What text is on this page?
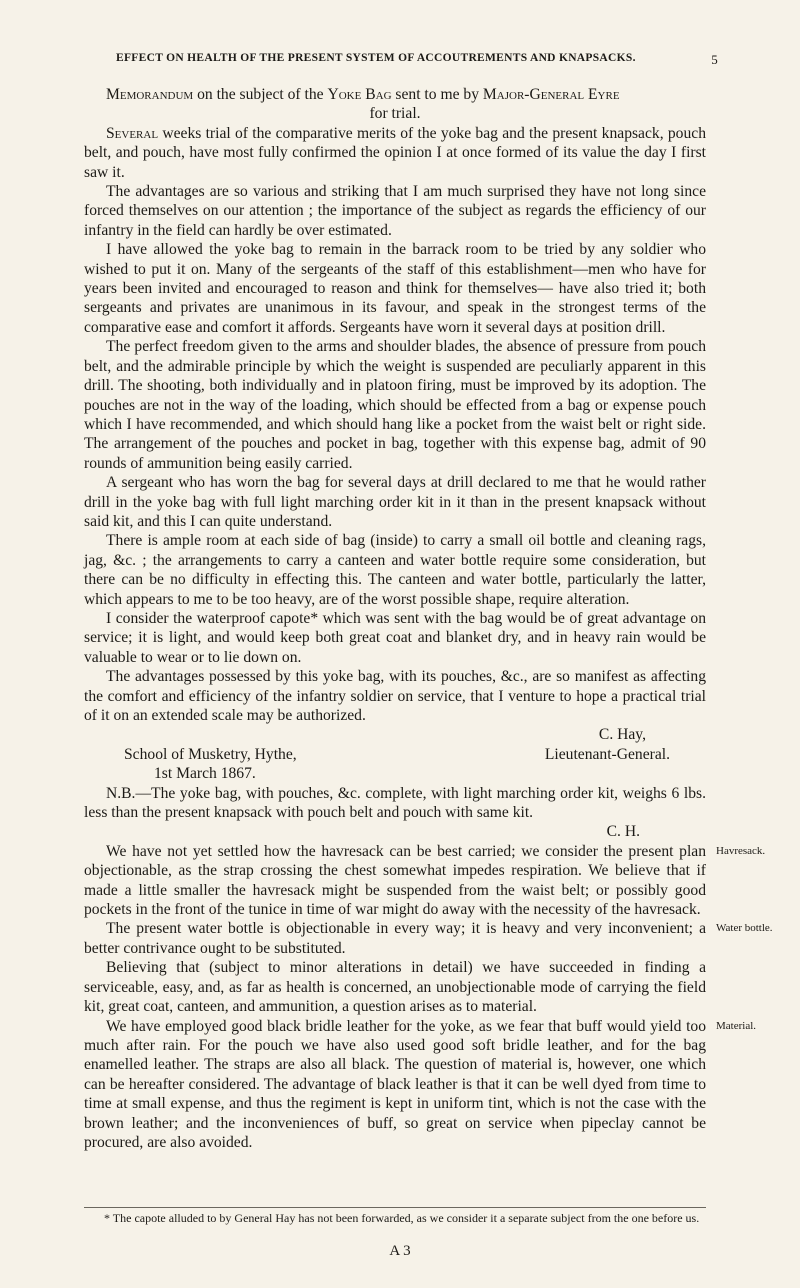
EFFECT ON HEALTH OF THE PRESENT SYSTEM OF ACCOUTREMENTS AND KNAPSACKS.	5

Memorandum on the subject of the Yoke Bag sent to me by Major-General Eyre

for trial.

Several weeks trial of the comparative merits of the yoke bag and the present knapsack, pouch belt, and pouch, have most fully confirmed the opinion I at once formed of its value the day I first saw it.

The advantages are so various and striking that I am much surprised they have not long since forced themselves on our attention ; the importance of the subject as regards the efficiency of our infantry in the field can hardly be over estimated.

I have allowed the yoke bag to remain in the barrack room to be tried by any soldier who wished to put it on. Many of the sergeants of the staff of this establishment—men who have for years been invited and encouraged to reason and think for themselves— have also tried it; both sergeants and privates are unanimous in its favour, and speak in the strongest terms of the comparative ease and comfort it affords. Sergeants have worn it several days at position drill.

The perfect freedom given to the arms and shoulder blades, the absence of pressure from pouch belt, and the admirable principle by which the weight is suspended are peculiarly apparent in this drill. The shooting, both individually and in platoon firing, must be improved by its adoption. The pouches are not in the way of the loading, which should be effected from a bag or expense pouch which I have recommended, and which should hang like a pocket from the waist belt or right side. The arrangement of the pouches and pocket in bag, together with this expense bag, admit of 90 rounds of ammunition being easily carried.

A sergeant who has worn the bag for several days at drill declared to me that he would rather drill in the yoke bag with full light marching order kit in it than in the present knapsack without said kit, and this I can quite understand.

There is ample room at each side of bag (inside) to carry a small oil bottle and cleaning rags, jag, &c. ; the arrangements to carry a canteen and water bottle require some consideration, but there can be no difficulty in effecting this. The canteen and water bottle, particularly the latter, which appears to me to be too heavy, are of the worst possible shape, require alteration.

I consider the waterproof capote* which was sent with the bag would be of great advantage on service; it is light, and would keep both great coat and blanket dry, and in heavy rain would be valuable to wear or to lie down on.

The advantages possessed by this yoke bag, with its pouches, &c., are so manifest as affecting the comfort and efficiency of the infantry soldier on service, that I venture to hope a practical trial of it on an extended scale may be authorized.

C. Hay,

School of Musketry, Hythe,	Lieutenant-General.

1st March 1867.

N.B.—The yoke bag, with pouches, &c. complete, with light marching order kit, weighs 6 lbs. less than the present knapsack with pouch belt and pouch with same kit.

C. H.

Havresack.

We have not yet settled how the havresack can be best carried; we consider the present plan objectionable, as the strap crossing the chest somewhat impedes respiration. We believe that if made a little smaller the havresack might be suspended from the waist belt; or possibly good pockets in the front of the tunice in time of war might do away with the necessity of the havresack.

Water bottle.

The present water bottle is objectionable in every way; it is heavy and very inconvenient; a better contrivance ought to be substituted.

Believing that (subject to minor alterations in detail) we have succeeded in finding a serviceable, easy, and, as far as health is concerned, an unobjectionable mode of carrying the field kit, great coat, canteen, and ammunition, a question arises as to material.

Material.

We have employed good black bridle leather for the yoke, as we fear that buff would yield too much after rain. For the pouch we have also used good soft bridle leather, and for the bag enamelled leather. The straps are also all black. The question of material is, however, one which can be hereafter considered. The advantage of black leather is that it can be well dyed from time to time at small expense, and thus the regiment is kept in uniform tint, which is not the case with the brown leather; and the inconveniences of buff, so great on service when pipeclay cannot be procured, are also avoided.

* The capote alluded to by General Hay has not been forwarded, as we consider it a separate subject from the one before us.

A 3
